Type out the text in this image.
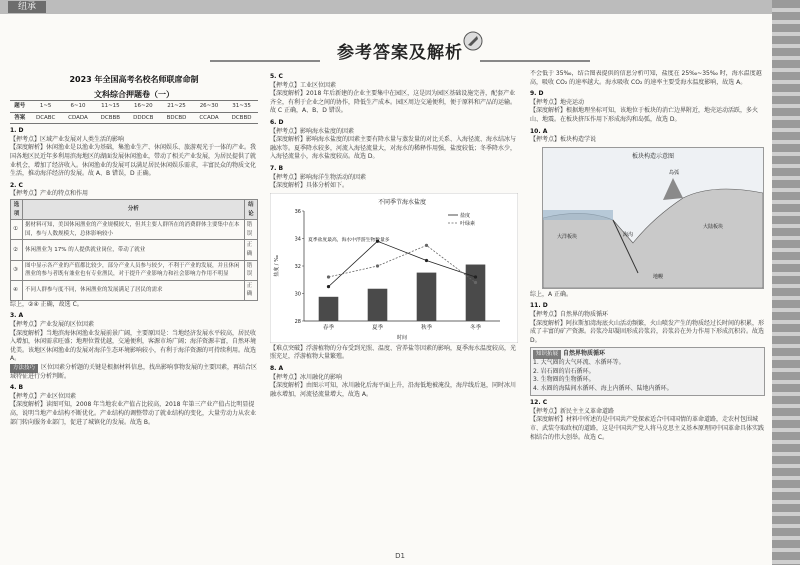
纽承
参考答案及解析
2023 年全国高考名校名师联席命制
文科综合押题卷（一）
题号	1~5	6~10	11~15	16~20	21~25	26~30	31~35
答案	DCABC	CDADA	DCBBB	DDDCB	BDCBD	CCADA	DCBBD
1. D
【押考点】区域产业发展对人类生活的影响
【深度解析】休闲渔业是以渔业为基础，集渔业生产、休闲娱乐、旅游观光于一体的产业。我国各地区民近年多利用滨海地区的湖面发展休闲渔业，带动了相关产业发展，为居民提供了就业机会，增加了经济收入。休闲渔业的发展可以满足居民休闲娱乐需求，丰富民众的物质文化生活，推动海洋经济的发展。故 A、B 错误，D 正确。
2. C
【押考点】产业的特点和作用
选项	分析	结论
①	据材料可知，美国休闲渔业的产业规模较大，但其主要人群所在的消费群体主要集中在本国，参与人数规模大，总体影响较小	错误
②	休闲渔业为 17% 的人提供就业岗位，带动了就业	正确
③	图中显示各产业的产值都比较少，部分产业人员参与较少，不利于产业的发展，并且休闲渔业的参与者既有兼业也有专业渔民，对于提升产业影响力和社会影响力作用不明显	错误
④	不同人群参与度不同，休闲渔业的发展满足了居民的需求	正确
综上，②④ 正确，故选 C。
3. A
【押考点】产业发展的区位因素
【深度解析】当地滨海休闲渔业发展前景广阔，主要原因是：当地经济发展水平较高，居民收入增加，休闲需求旺盛；地理位置优越，交通便利，客源市场广阔；海洋资源丰富，自然环境优美。该地区休闲渔业的发展对海洋生态环境影响较小，有利于海洋资源的可持续利用。故选 A。
方法技巧 区位因素分析题的关键是根据材料信息，找出影响事物发展的主要因素，再结合区域特征进行分析判断。
4. B
【押考点】产业区位因素
【深度解析】读图可知，2008 年当地农业产值占比较高，2018 年第三产业产值占比明显提高，说明当地产业结构不断优化。产业结构的调整带动了就业结构的变化，大量劳动力从农业部门转向服务业部门，促进了城镇化的发展。故选 B。
5. C
【押考点】工业区位因素
【深度解析】2018 年后新建的企业主要集中在园区，这是因为园区基础设施完善，配套产业齐全，有利于企业之间的协作，降低生产成本。园区周边交通便利，便于原料和产品的运输。故 C 正确，A、B、D 错误。
6. D
【押考点】影响海水盐度的因素
【深度解析】影响海水盐度的因素主要有降水量与蒸发量的对比关系、入海径流、海水结冰与融冰等。夏季降水较多，河流入海径流量大，对海水的稀释作用强，盐度较低；冬季降水少，入海径流量小，海水盐度较高。故选 D。
7. B
【押考点】影响海洋生物活动的因素
【深度解析】具体分析如下。
不同季节海水盐度
盐度 / ‰
时间
28
30
32
34
36
春季	夏季	秋季	冬季
盐度
叶绿素
夏季盐度最高，海水中浮游生物数量多
【难点突破】浮游植物的分布受到光照、温度、营养盐等因素的影响，夏季海水温度较高，光照充足，浮游植物大量繁殖。
8. A
【押考点】冰川融化的影响
【深度解析】由图示可知，冰川融化后海平面上升，沿海低地被淹没，海岸线后退，同时冰川融水增加，河流径流量增大，故选 A。
不会低于 35‰，结合图表提供的信息分析可知，盐度在 25‰~35‰ 时，海水温度越高，吸收 CO₂ 的速率越大。海水吸收 CO₂ 的速率主要受海水温度影响，故选 A。
9. D
【押考点】地壳运动
【深度解析】根据地理坐标可知，该地位于板块的消亡边界附近，地壳运动活跃，多火山、地震。在板块挤压作用下形成海沟和岛弧，故选 D。
10. A
【押考点】板块构造学说
板块构造示意图
海沟
岛弧
大洋板块
大陆板块
地幔
综上，A 正确。
11. D
【押考点】自然界的物质循环
【深度解析】阿拉斯加湾海底火山活动频繁，火山喷发产生的物质经过长时间的积累，形成了丰富的矿产资源。岩浆冷却凝固形成岩浆岩，岩浆岩在外力作用下形成沉积岩。故选 D。
知识拓展 自然界物质循环
1. 大气圈的大气环流、水循环等。
2. 岩石圈的岩石循环。
3. 生物圈的生物循环。
4. 水圈的海陆间水循环、海上内循环、陆地内循环。
12. C
【押考点】新民主主义革命道路
【深度解析】材料中所述的是中国共产党探索适合中国国情的革命道路，走农村包围城市、武装夺取政权的道路，这是中国共产党人将马克思主义基本原理同中国革命具体实践相结合的伟大创举。故选 C。
D1
